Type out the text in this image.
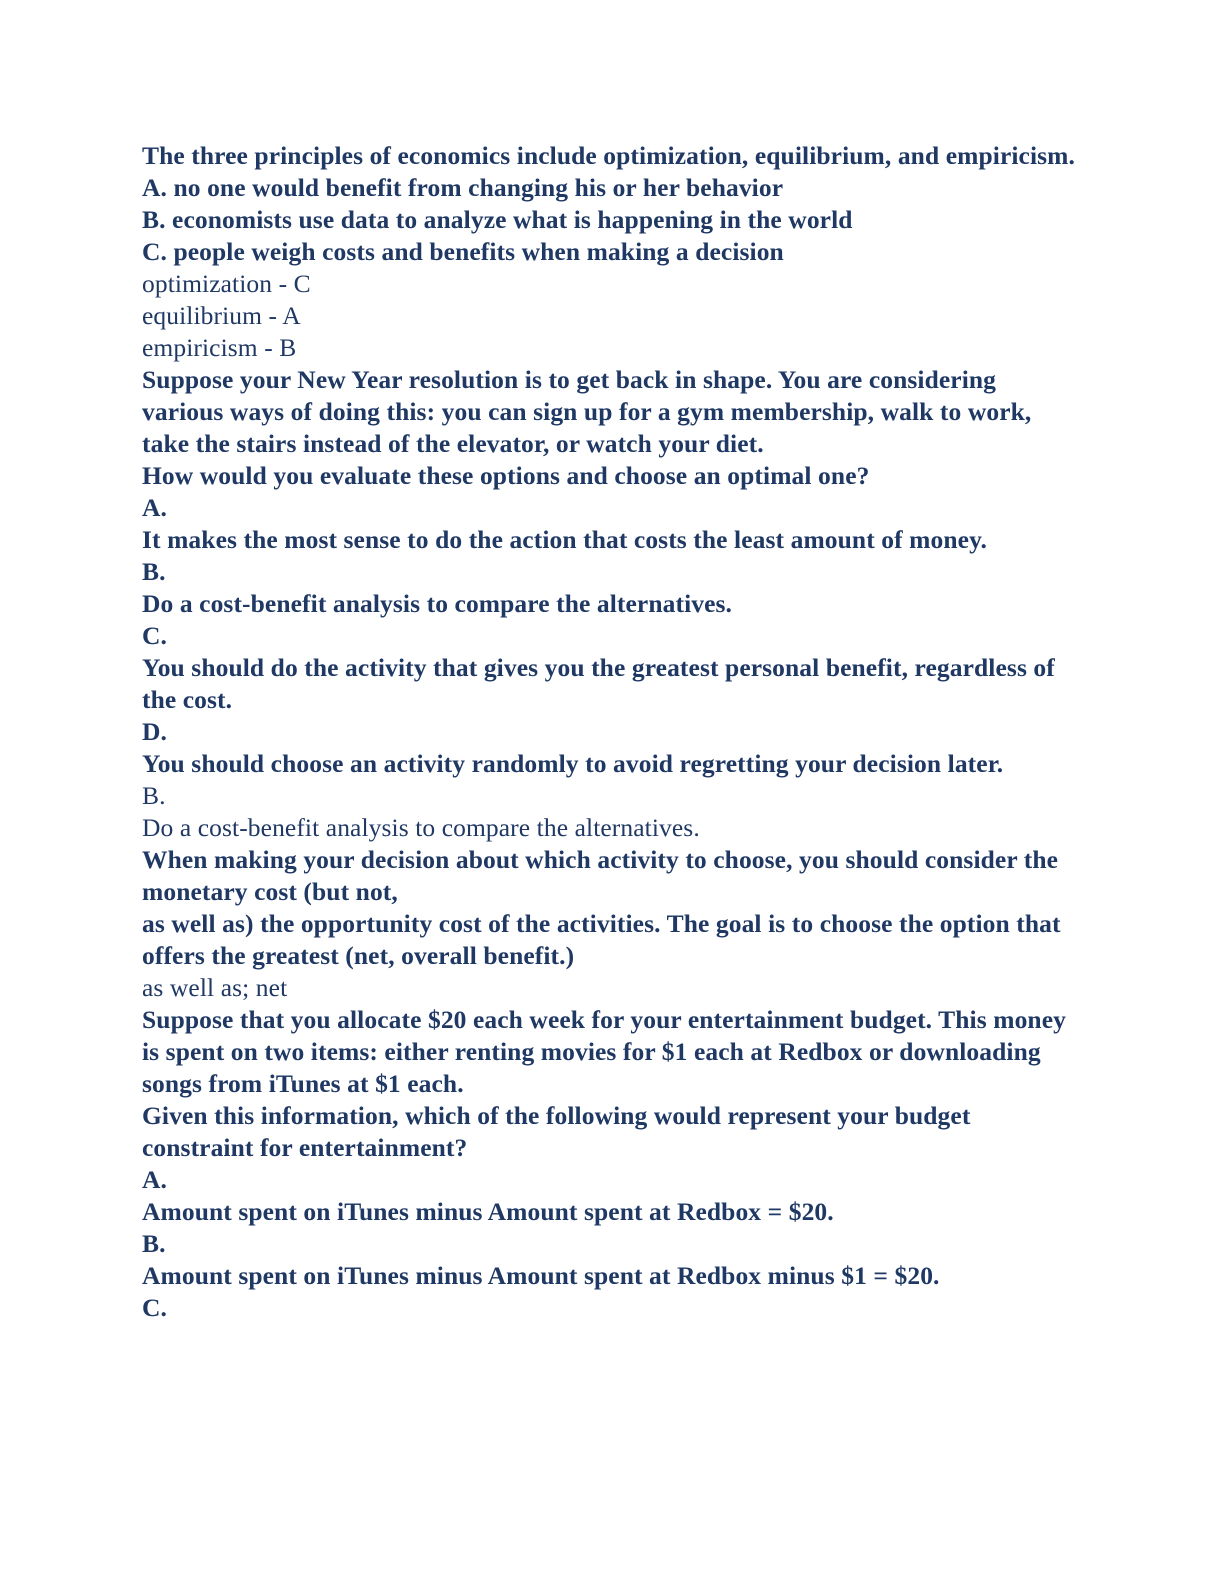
The three principles of economics include optimization, equilibrium, and empiricism.
A. no one would benefit from changing his or her behavior
B. economists use data to analyze what is happening in the world
C. people weigh costs and benefits when making a decision
optimization - C
equilibrium - A
empiricism - B
Suppose your New Year resolution is to get back in shape. You are considering various ways of doing this: you can sign up for a gym membership, walk to work, take the stairs instead of the elevator, or watch your diet.
How would you evaluate these options and choose an optimal one?
A.
It makes the most sense to do the action that costs the least amount of money.
B.
Do a cost-benefit analysis to compare the alternatives.
C.
You should do the activity that gives you the greatest personal benefit, regardless of the cost.
D.
You should choose an activity randomly to avoid regretting your decision later.
B.
Do a cost-benefit analysis to compare the alternatives.
When making your decision about which activity to choose, you should consider the monetary cost (but not,
as well as) the opportunity cost of the activities. The goal is to choose the option that offers the greatest (net, overall benefit.)
as well as; net
Suppose that you allocate $20 each week for your entertainment budget. This money is spent on two items: either renting movies for $1 each at Redbox or downloading songs from iTunes at $1 each.
Given this information, which of the following would represent your budget constraint for entertainment?
A.
Amount spent on iTunes minus Amount spent at Redbox = $20.
B.
Amount spent on iTunes minus Amount spent at Redbox minus $1 = $20.
C.
